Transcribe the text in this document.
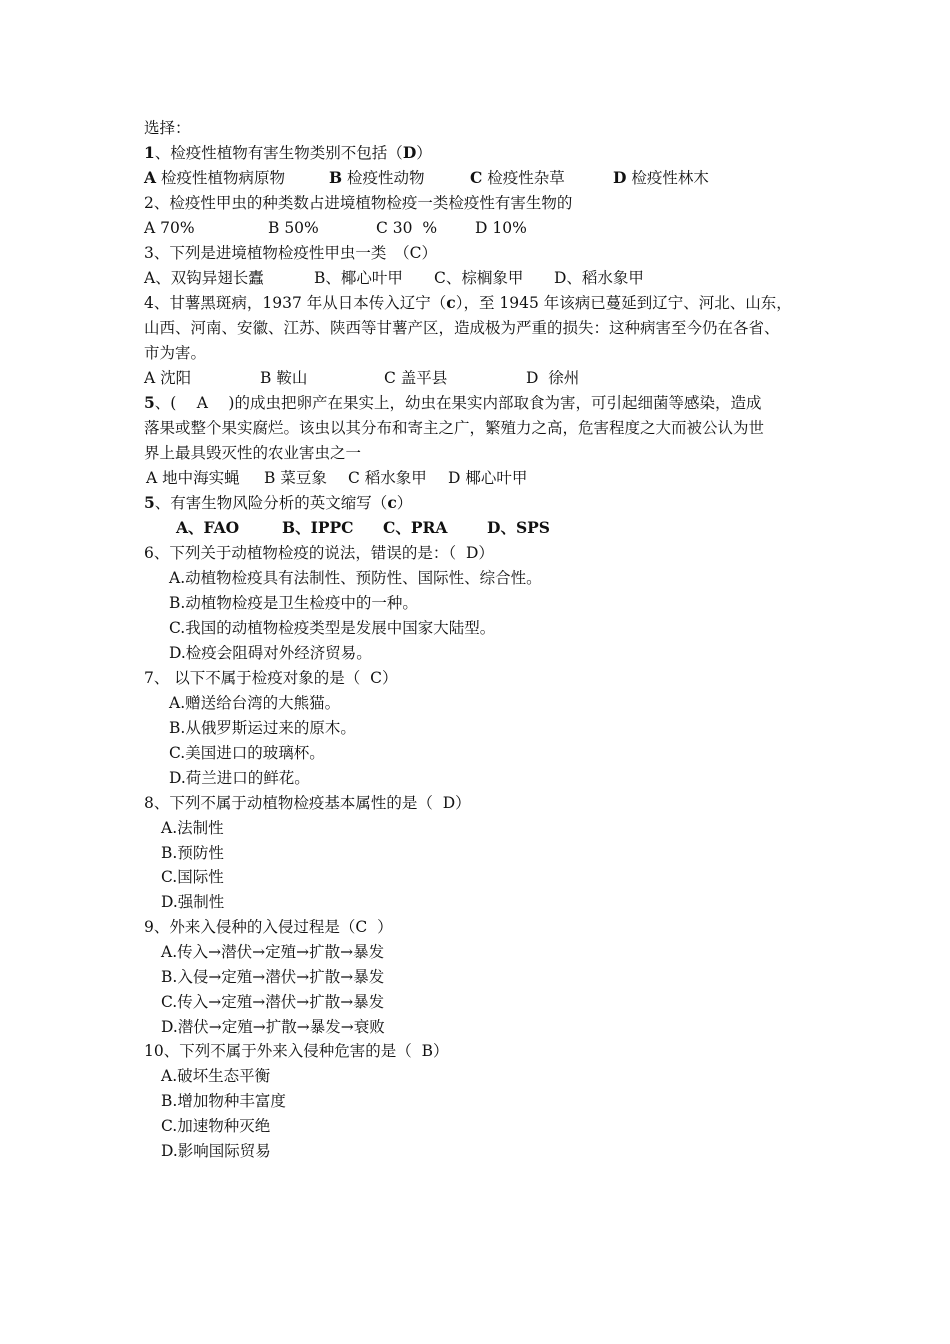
选择：
1、检疫性植物有害生物类别不包括（D）

A 检疫性植物病原物

	B 检疫性动物

	C 检疫性杂草

	D 检疫性林木

2、检疫性甲虫的种类数占进境植物检疫一类检疫性有害生物的

A 70%

	B 50%

	C 30  %

D 10%

3、下列是进境植物检疫性甲虫一类　（C）

A、双钩异翅长蠹

	B、椰心叶甲

C、棕榈象甲

D、稻水象甲

4、甘薯黑斑病，1937 年从日本传入辽宁（c），至 1945 年该病已蔓延到辽宁、河北、山东，
山西、河南、安徽、江苏、陕西等甘薯产区，造成极为严重的损失：这种病害至今仍在各省、
市为害。

A 沈阳

	B 鞍山

	C 盖平县

	D  徐州

5、(　 A　 )的成虫把卵产在果实上，幼虫在果实内部取食为害，可引起细菌等感染，造成
落果或整个果实腐烂。该虫以其分布和寄主之广，繁殖力之高，危害程度之大而被公认为世
界上最具毁灭性的农业害虫之一

A 地中海实蝇

B 菜豆象

C 稻水象甲

D 椰心叶甲

5、有害生物风险分析的英文缩写（c）

A、FAO

	B、IPPC

C、PRA

	D、SPS

6、下列关于动植物检疫的说法，错误的是：（  D）
A.动植物检疫具有法制性、预防性、国际性、综合性。
B.动植物检疫是卫生检疫中的一种。
C.我国的动植物检疫类型是发展中国家大陆型。
D.检疫会阻碍对外经济贸易。
7、 以下不属于检疫对象的是（  C）
A.赠送给台湾的大熊猫。
B.从俄罗斯运过来的原木。
C.美国进口的玻璃杯。
D.荷兰进口的鲜花。
8、下列不属于动植物检疫基本属性的是（  D）
A.法制性
B.预防性
C.国际性
D.强制性
9、外来入侵种的入侵过程是（C  ）
A.传入→潜伏→定殖→扩散→暴发
B.入侵→定殖→潜伏→扩散→暴发
C.传入→定殖→潜伏→扩散→暴发
D.潜伏→定殖→扩散→暴发→衰败
10、下列不属于外来入侵种危害的是（  B）
A.破坏生态平衡
B.增加物种丰富度
C.加速物种灭绝
D.影响国际贸易
